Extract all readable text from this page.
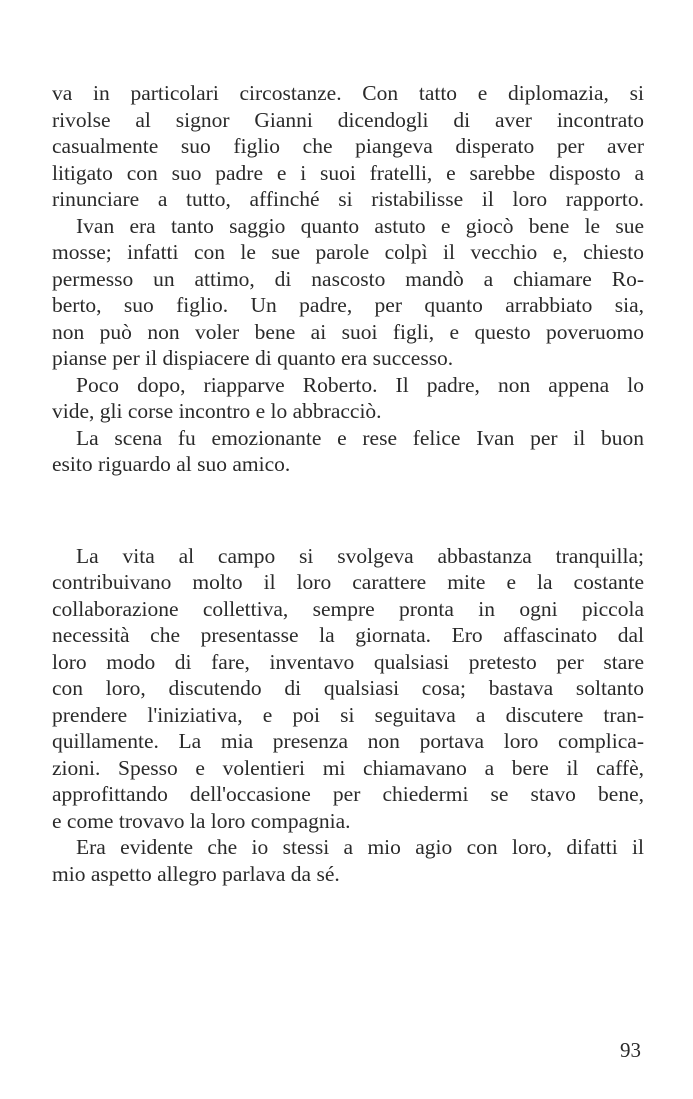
va in particolari circostanze. Con tatto e diplomazia, si
rivolse al signor Gianni dicendogli di aver incontrato
casualmente suo figlio che piangeva disperato per aver
litigato con suo padre e i suoi fratelli, e sarebbe disposto a
rinunciare a tutto, affinché si ristabilisse il loro rapporto.
Ivan era tanto saggio quanto astuto e giocò bene le sue
mosse; infatti con le sue parole colpì il vecchio e, chiesto
permesso un attimo, di nascosto mandò a chiamare Ro-
berto, suo figlio. Un padre, per quanto arrabbiato sia,
non può non voler bene ai suoi figli, e questo poveruomo
pianse per il dispiacere di quanto era successo.
Poco dopo, riapparve Roberto. Il padre, non appena lo
vide, gli corse incontro e lo abbracciò.
La scena fu emozionante e rese felice Ivan per il buon
esito riguardo al suo amico.
La vita al campo si svolgeva abbastanza tranquilla;
contribuivano molto il loro carattere mite e la costante
collaborazione collettiva, sempre pronta in ogni piccola
necessità che presentasse la giornata. Ero affascinato dal
loro modo di fare, inventavo qualsiasi pretesto per stare
con loro, discutendo di qualsiasi cosa; bastava soltanto
prendere l'iniziativa, e poi si seguitava a discutere tran-
quillamente. La mia presenza non portava loro complica-
zioni. Spesso e volentieri mi chiamavano a bere il caffè,
approfittando dell'occasione per chiedermi se stavo bene,
e come trovavo la loro compagnia.
Era evidente che io stessi a mio agio con loro, difatti il
mio aspetto allegro parlava da sé.
93
